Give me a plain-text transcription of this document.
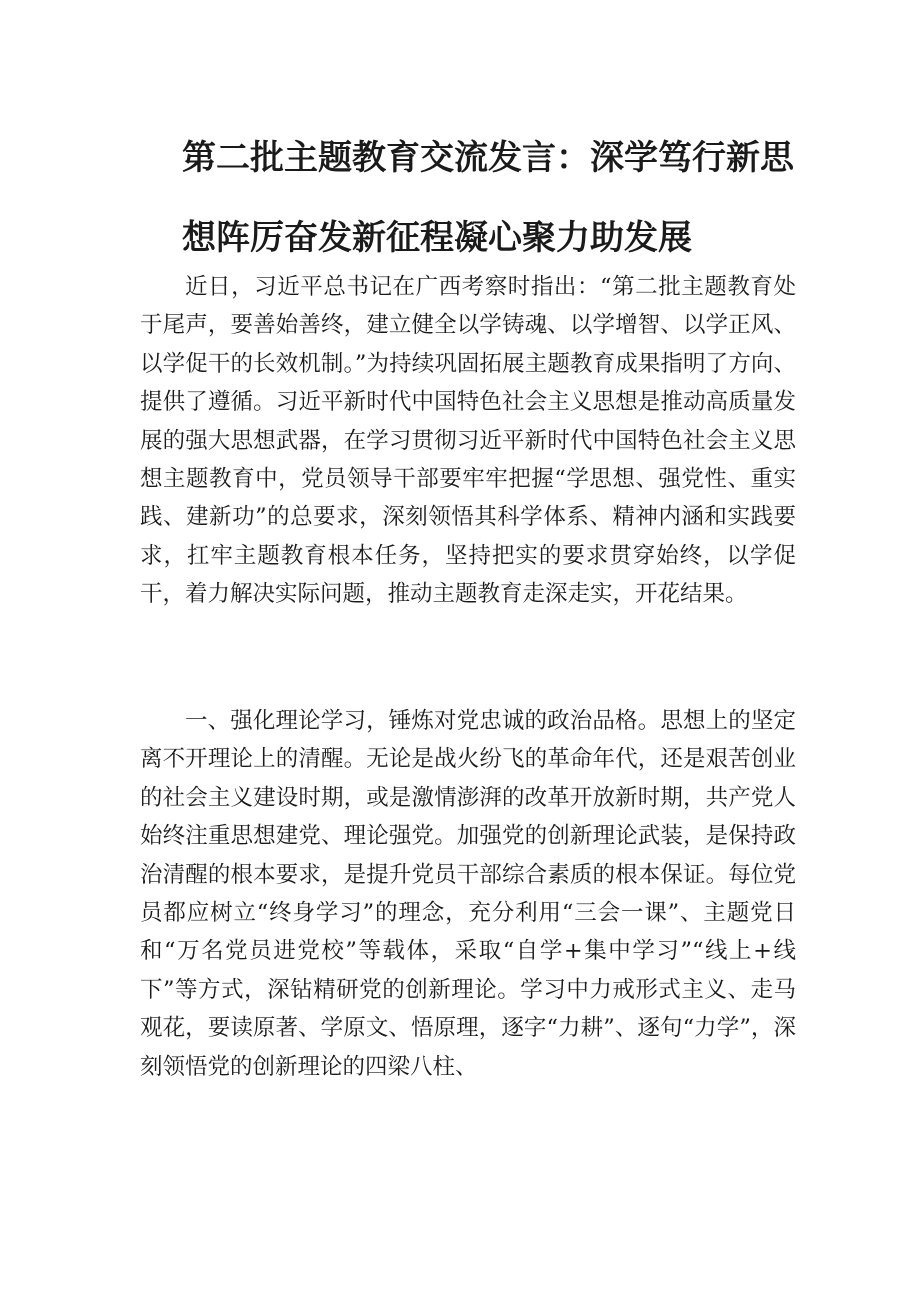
第二批主题教育交流发言：深学笃行新思
想阵厉奋发新征程凝心聚力助发展

近日，习近平总书记在广西考察时指出：“第二批主题教育处于尾声，要善始善终，建立健全以学铸魂、以学增智、以学正风、以学促干的长效机制。”为持续巩固拓展主题教育成果指明了方向、提供了遵循。习近平新时代中国特色社会主义思想是推动高质量发展的强大思想武器，在学习贯彻习近平新时代中国特色社会主义思想主题教育中，党员领导干部要牢牢把握“学思想、强党性、重实践、建新功”的总要求，深刻领悟其科学体系、精神内涵和实践要求，扛牢主题教育根本任务，坚持把实的要求贯穿始终，以学促干，着力解决实际问题，推动主题教育走深走实，开花结果。

一、强化理论学习，锤炼对党忠诚的政治品格。思想上的坚定离不开理论上的清醒。无论是战火纷飞的革命年代，还是艰苦创业的社会主义建设时期，或是激情澎湃的改革开放新时期，共产党人始终注重思想建党、理论强党。加强党的创新理论武装，是保持政治清醒的根本要求，是提升党员干部综合素质的根本保证。每位党员都应树立“终身学习”的理念，充分利用“三会一课”、主题党日和“万名党员进党校”等载体，采取“自学+集中学习”“线上+线下”等方式，深钻精研党的创新理论。学习中力戒形式主义、走马观花，要读原著、学原文、悟原理，逐字“力耕”、逐句“力学”，深刻领悟党的创新理论的四梁八柱、
